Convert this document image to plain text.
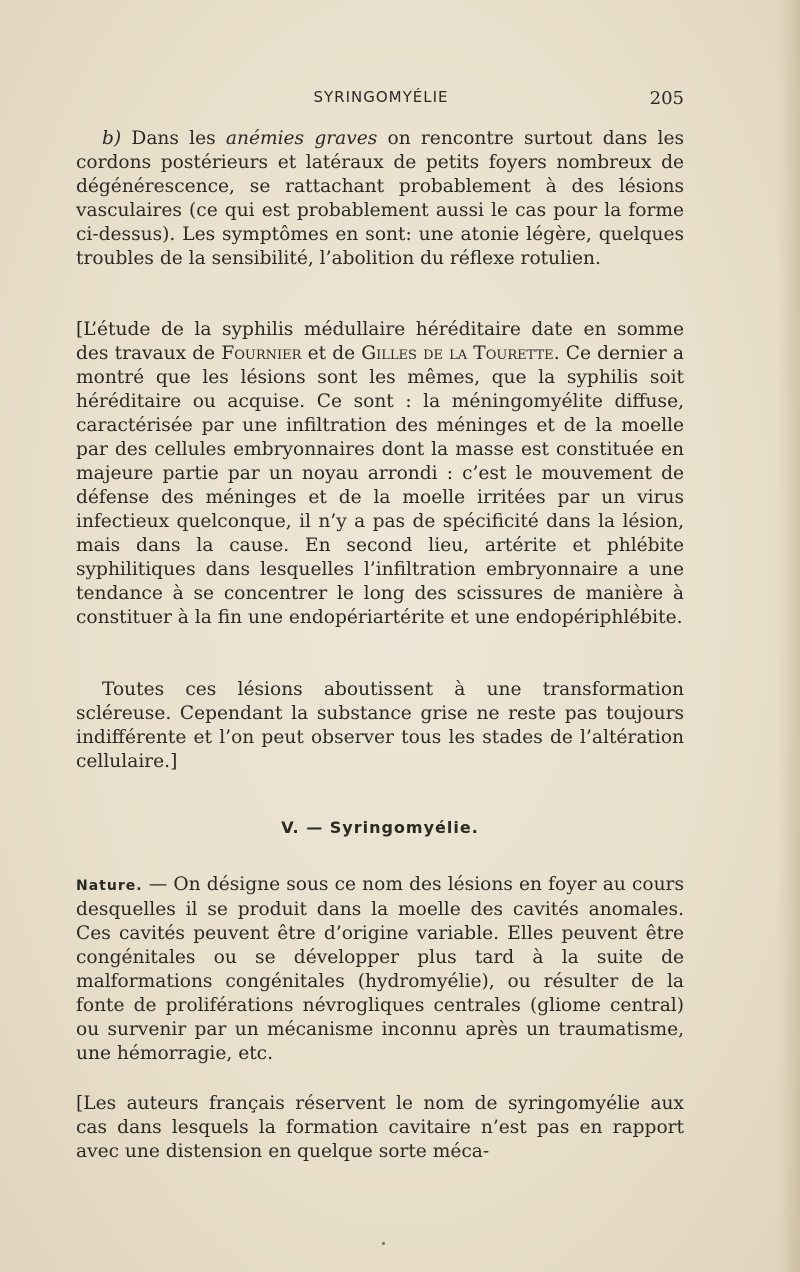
SYRINGOMYÉLIE	205

b) Dans les anémies graves on rencontre surtout dans les cordons postérieurs et latéraux de petits foyers nombreux de dégénérescence, se rattachant probablement à des lésions vasculaires (ce qui est probablement aussi le cas pour la forme ci-dessus). Les symptômes en sont: une atonie légère, quelques troubles de la sensibilité, l’abolition du réflexe rotulien.

[L’étude de la syphilis médullaire héréditaire date en somme des travaux de Fournier et de Gilles de la Tourette. Ce dernier a montré que les lésions sont les mêmes, que la syphilis soit héréditaire ou acquise. Ce sont : la méningomyélite diffuse, caractérisée par une infiltration des méninges et de la moelle par des cellules embryonnaires dont la masse est constituée en majeure partie par un noyau arrondi : c’est le mouvement de défense des méninges et de la moelle irritées par un virus infectieux quelconque, il n’y a pas de spécificité dans la lésion, mais dans la cause. En second lieu, artérite et phlébite syphilitiques dans lesquelles l’infiltration embryonnaire a une tendance à se concentrer le long des scissures de manière à constituer à la fin une endopériartérite et une endopériphlébite.

Toutes ces lésions aboutissent à une transformation scléreuse. Cependant la substance grise ne reste pas toujours indifférente et l’on peut observer tous les stades de l’altération cellulaire.]

V. — Syringomyélie.

Nature. — On désigne sous ce nom des lésions en foyer au cours desquelles il se produit dans la moelle des cavités anomales. Ces cavités peuvent être d’origine variable. Elles peuvent être congénitales ou se développer plus tard à la suite de malformations congénitales (hydromyélie), ou résulter de la fonte de proliférations névrogliques centrales (gliome central) ou survenir par un mécanisme inconnu après un traumatisme, une hémorragie, etc.

[Les auteurs français réservent le nom de syringomyélie aux cas dans lesquels la formation cavitaire n’est pas en rapport avec une distension en quelque sorte méca-
